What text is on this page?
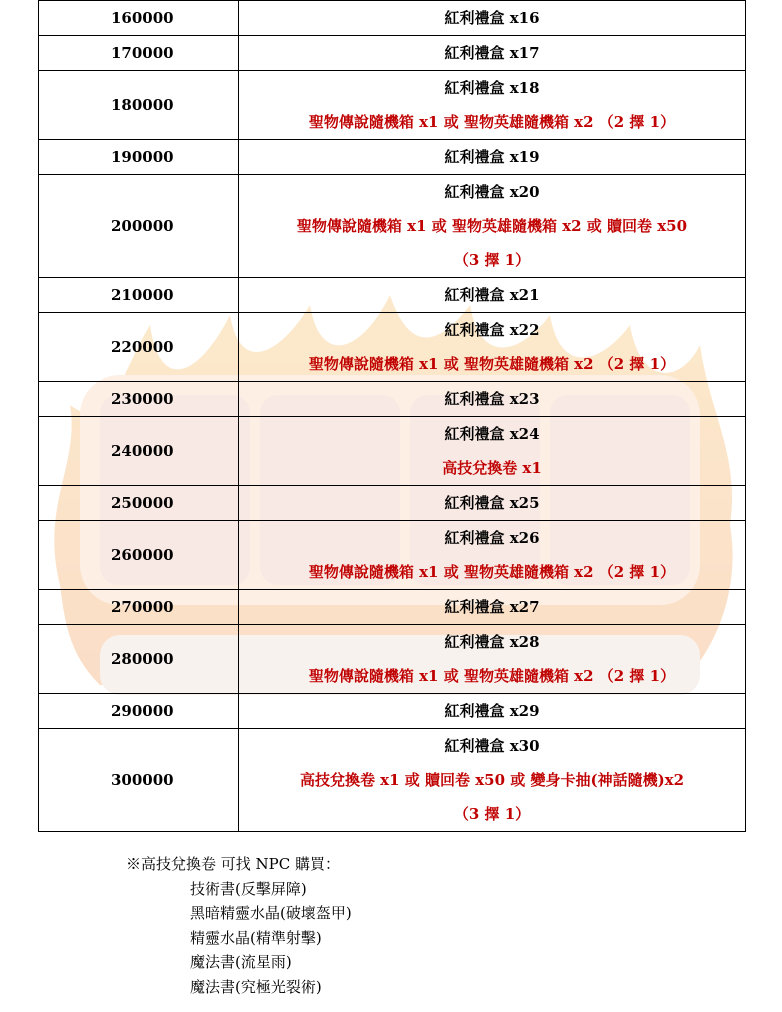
160000	紅利禮盒 x16

170000	紅利禮盒 x17

180000	紅利禮盒 x18
聖物傳說隨機箱 x1 或 聖物英雄隨機箱 x2 （2 擇 1）

190000	紅利禮盒 x19

200000	紅利禮盒 x20
聖物傳說隨機箱 x1 或 聖物英雄隨機箱 x2 或 贖回卷 x50
（3 擇 1）

210000	紅利禮盒 x21

220000	紅利禮盒 x22
聖物傳說隨機箱 x1 或 聖物英雄隨機箱 x2 （2 擇 1）

230000	紅利禮盒 x23

240000	紅利禮盒 x24
高技兌換卷 x1

250000	紅利禮盒 x25

260000	紅利禮盒 x26
聖物傳說隨機箱 x1 或 聖物英雄隨機箱 x2 （2 擇 1）

270000	紅利禮盒 x27

280000	紅利禮盒 x28
聖物傳說隨機箱 x1 或 聖物英雄隨機箱 x2 （2 擇 1）

290000	紅利禮盒 x29

300000	紅利禮盒 x30
高技兌換卷 x1 或 贖回卷 x50 或 變身卡抽(神話隨機)x2
（3 擇 1）
※高技兌換卷 可找 NPC 購買：
技術書(反擊屏障)
黑暗精靈水晶(破壞盔甲)
精靈水晶(精準射擊)
魔法書(流星雨)
魔法書(究極光裂術)
